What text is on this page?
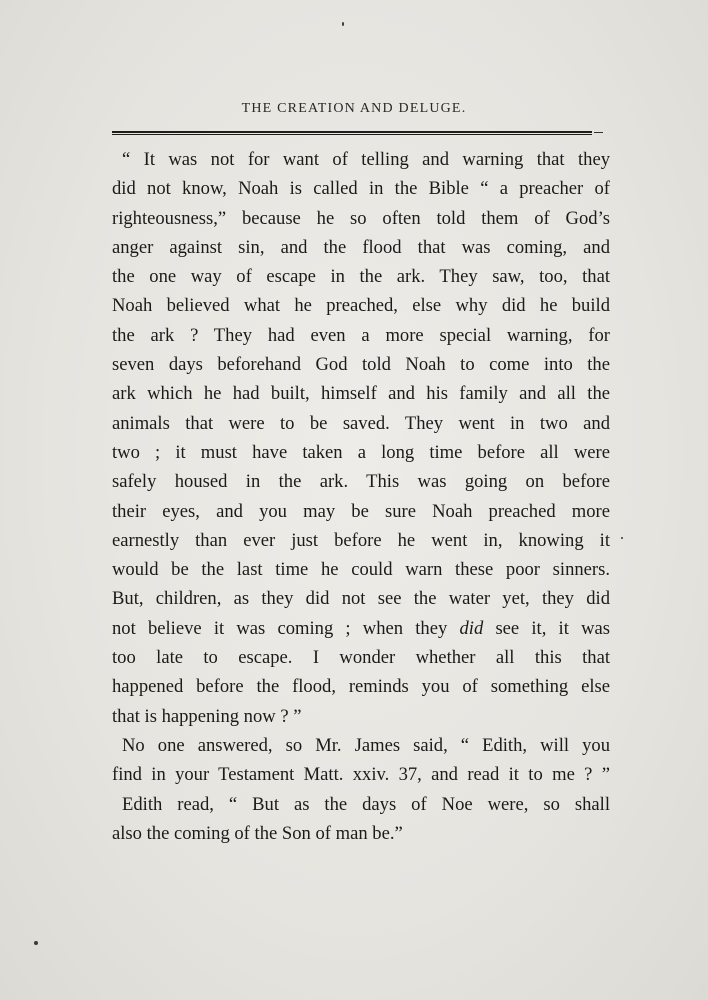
THE CREATION AND DELUGE.
“ It was not for want of telling and warning that they
did not know, Noah is called in the Bible “ a preacher of
righteousness,” because he so often told them of God’s
anger against sin, and the flood that was coming, and
the one way of escape in the ark. They saw, too, that
Noah believed what he preached, else why did he build
the ark ? They had even a more special warning, for
seven days beforehand God told Noah to come into the
ark which he had built, himself and his family and all the
animals that were to be saved. They went in two and
two ; it must have taken a long time before all were
safely housed in the ark. This was going on before
their eyes, and you may be sure Noah preached more
earnestly than ever just before he went in, knowing it
would be the last time he could warn these poor sinners.
But, children, as they did not see the water yet, they did
not believe it was coming ; when they did see it, it was
too late to escape. I wonder whether all this that
happened before the flood, reminds you of something else
that is happening now ? ”
No one answered, so Mr. James said, “ Edith, will you
find in your Testament Matt. xxiv. 37, and read it to me ? ”
Edith read, “ But as the days of Noe were, so shall
also the coming of the Son of man be.”
